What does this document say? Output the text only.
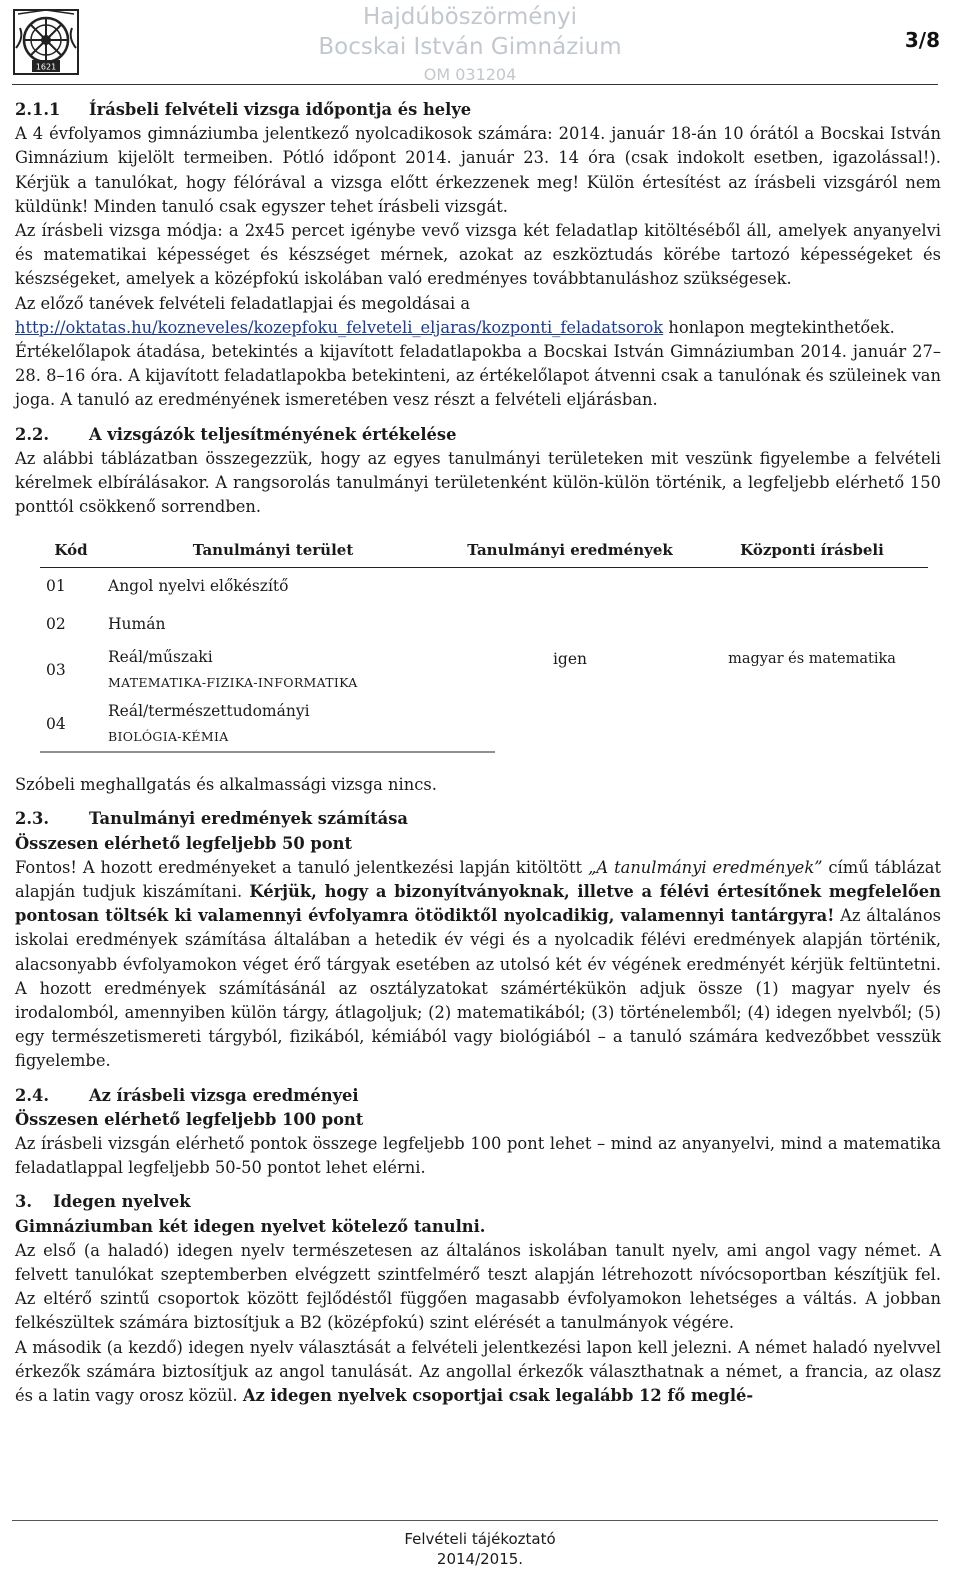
1621
Hajdúböszörményi
Bocskai István Gimnázium
OM 031204
3/8
2.1.1 Írásbeli felvételi vizsga időpontja és helye

A 4 évfolyamos gimnáziumba jelentkező nyolcadikosok számára: 2014. január 18-án 10 órától a Bocskai István Gimnázium kijelölt termeiben. Pótló időpont 2014. január 23. 14 óra (csak indokolt esetben, igazolással!). Kérjük a tanulókat, hogy félórával a vizsga előtt érkezzenek meg! Külön értesítést az írásbeli vizsgáról nem küldünk! Minden tanuló csak egyszer tehet írásbeli vizsgát.

Az írásbeli vizsga módja: a 2x45 percet igénybe vevő vizsga két feladatlap kitöltéséből áll, amelyek anyanyelvi és matematikai képességet és készséget mérnek, azokat az eszköztudás körébe tartozó képességeket és készségeket, amelyek a középfokú iskolában való eredményes továbbtanuláshoz szükségesek.

Az előző tanévek felvételi feladatlapjai és megoldásai a

http://oktatas.hu/kozneveles/kozepfoku_felveteli_eljaras/kozponti_feladatsorok honlapon megtekinthetőek.

Értékelőlapok átadása, betekintés a kijavított feladatlapokba a Bocskai István Gimnáziumban 2014. január 27–28. 8–16 óra. A kijavított feladatlapokba betekinteni, az értékelőlapot átvenni csak a tanulónak és szüleinek van joga. A tanuló az eredményének ismeretében vesz részt a felvételi eljárásban.

2.2. A vizsgázók teljesítményének értékelése

Az alábbi táblázatban összegezzük, hogy az egyes tanulmányi területeken mit veszünk figyelembe a felvételi kérelmek elbírálásakor. A rangsorolás tanulmányi területenként külön-külön történik, a legfeljebb elérhető 150 ponttól csökkenő sorrendben.

Kód	Tanulmányi terület	Tanulmányi eredmények	Központi írásbeli
01	Angol nyelvi előkészítő	igen	magyar és matematika
02	Humán		
03	Reál/műszaki
MATEMATIKA-FIZIKA-INFORMATIKA		

04	Reál/természettudományi
BIOLÓGIA-KÉMIA		

Szóbeli meghallgatás és alkalmassági vizsga nincs.

2.3. Tanulmányi eredmények számítása
Összesen elérhető legfeljebb 50 pont

Fontos! A hozott eredményeket a tanuló jelentkezési lapján kitöltött „A tanulmányi eredmények” című táblázat alapján tudjuk kiszámítani. Kérjük, hogy a bizonyítványoknak, illetve a félévi értesítőnek megfelelően pontosan töltsék ki valamennyi évfolyamra ötödiktől nyolcadikig, valamennyi tantárgyra! Az általános iskolai eredmények számítása általában a hetedik év végi és a nyolcadik félévi eredmények alapján történik, alacsonyabb évfolyamokon véget érő tárgyak esetében az utolsó két év végének eredményét kérjük feltüntetni. A hozott eredmények számításánál az osztályzatokat számértékükön adjuk össze (1) magyar nyelv és irodalomból, amennyiben külön tárgy, átlagoljuk; (2) matematikából; (3) történelemből; (4) idegen nyelvből; (5) egy természetismereti tárgyból, fizikából, kémiából vagy biológiából – a tanuló számára kedvezőbbet vesszük figyelembe.

2.4. Az írásbeli vizsga eredményei
Összesen elérhető legfeljebb 100 pont

Az írásbeli vizsgán elérhető pontok összege legfeljebb 100 pont lehet – mind az anyanyelvi, mind a matematika feladatlappal legfeljebb 50-50 pontot lehet elérni.

3. Idegen nyelvek
Gimnáziumban két idegen nyelvet kötelező tanulni.

Az első (a haladó) idegen nyelv természetesen az általános iskolában tanult nyelv, ami angol vagy német. A felvett tanulókat szeptemberben elvégzett szintfelmérő teszt alapján létrehozott nívócsoportban készítjük fel. Az eltérő szintű csoportok között fejlődéstől függően magasabb évfolyamokon lehetséges a váltás. A jobban felkészültek számára biztosítjuk a B2 (középfokú) szint elérését a tanulmányok végére.

A második (a kezdő) idegen nyelv választását a felvételi jelentkezési lapon kell jelezni. A német haladó nyelvvel érkezők számára biztosítjuk az angol tanulását. Az angollal érkezők választhatnak a német, a francia, az olasz és a latin vagy orosz közül. Az idegen nyelvek csoportjai csak legalább 12 fő meglé-

Felvételi tájékoztató
2014/2015.
